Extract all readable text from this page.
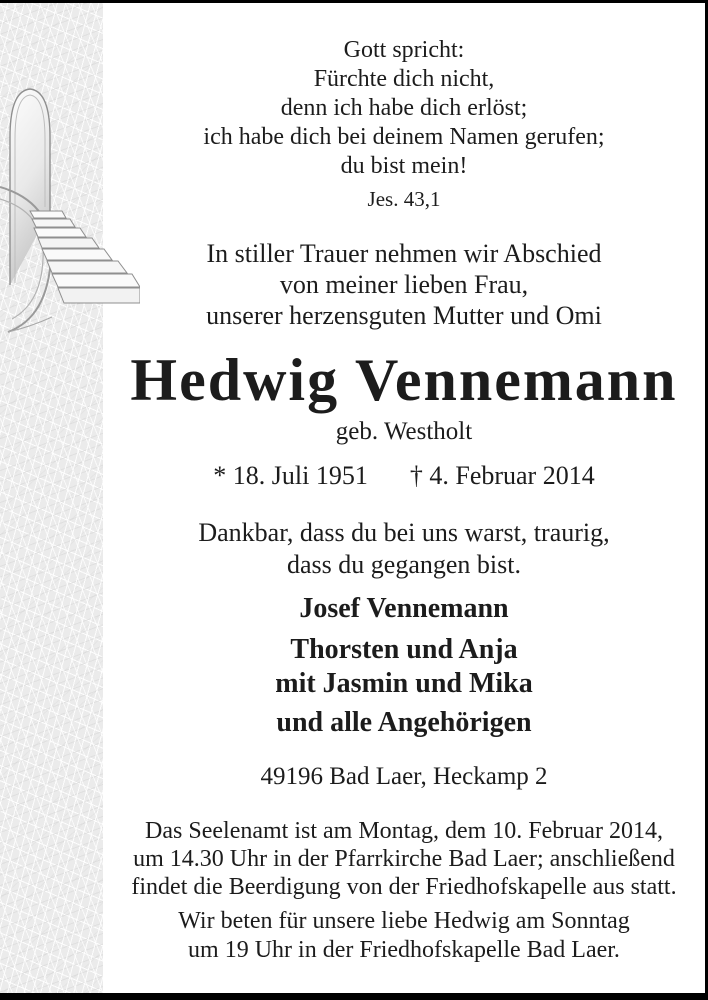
Gott spricht:
Fürchte dich nicht,
denn ich habe dich erlöst;
ich habe dich bei deinem Namen gerufen;
du bist mein!
Jes. 43,1
In stiller Trauer nehmen wir Abschied
von meiner lieben Frau,
unserer herzensguten Mutter und Omi
Hedwig Vennemann
geb. Westholt
* 18. Juli 1951 † 4. Februar 2014
Dankbar, dass du bei uns warst, traurig,
dass du gegangen bist.
Josef Vennemann
Thorsten und Anja
mit Jasmin und Mika
und alle Angehörigen
49196 Bad Laer, Heckamp 2
Das Seelenamt ist am Montag, dem 10. Februar 2014,
um 14.30 Uhr in der Pfarrkirche Bad Laer; anschließend
findet die Beerdigung von der Friedhofskapelle aus statt.
Wir beten für unsere liebe Hedwig am Sonntag
um 19 Uhr in der Friedhofskapelle Bad Laer.
